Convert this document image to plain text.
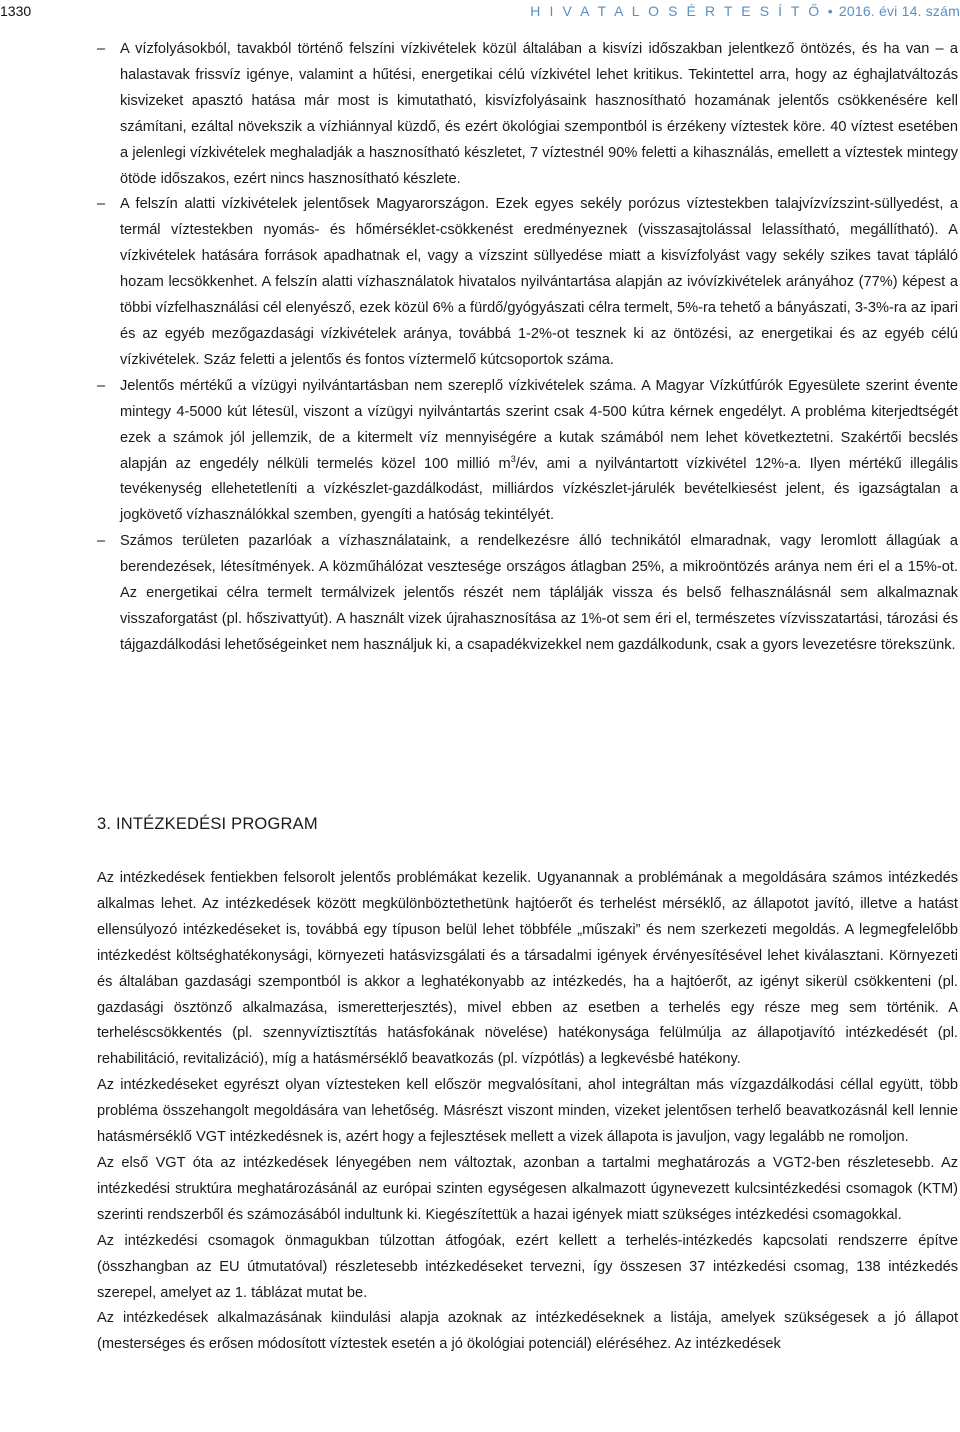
1330	H I V A T A L O S É R T E S Í T Ő • 2016. évi 14. szám
– A vízfolyásokból, tavakból történő felszíni vízkivételek közül általában a kisvízi időszakban jelentkező öntözés, és ha van – a halastavak frissvíz igénye, valamint a hűtési, energetikai célú vízkivétel lehet kritikus. Tekintettel arra, hogy az éghajlatváltozás kisvizeket apasztó hatása már most is kimutatható, kisvízfolyásaink hasznosítható hozamának jelentős csökkenésére kell számítani, ezáltal növekszik a vízhiánnyal küzdő, és ezért ökológiai szempontból is érzékeny víztestek köre. 40 víztest esetében a jelenlegi vízkivételek meghaladják a hasznosítható készletet, 7 víztestnél 90% feletti a kihasználás, emellett a víztestek mintegy ötöde időszakos, ezért nincs hasznosítható készlete.
– A felszín alatti vízkivételek jelentősek Magyarországon. Ezek egyes sekély porózus víztestekben talajvízvízszint-süllyedést, a termál víztestekben nyomás- és hőmérséklet-csökkenést eredményeznek (visszasajtolással lelassítható, megállítható). A vízkivételek hatására források apadhatnak el, vagy a vízszint süllyedése miatt a kisvízfolyást vagy sekély szikes tavat tápláló hozam lecsökkenhet. A felszín alatti vízhasználatok hivatalos nyilvántartása alapján az ivóvízkivételek arányához (77%) képest a többi vízfelhasználási cél elenyésző, ezek közül 6% a fürdő/gyógyászati célra termelt, 5%-ra tehető a bányászati, 3-3%-ra az ipari és az egyéb mezőgazdasági vízkivételek aránya, továbbá 1-2%-ot tesznek ki az öntözési, az energetikai és az egyéb célú vízkivételek. Száz feletti a jelentős és fontos víztermelő kútcsoportok száma.
– Jelentős mértékű a vízügyi nyilvántartásban nem szereplő vízkivételek száma. A Magyar Vízkútfúrók Egyesülete szerint évente mintegy 4-5000 kút létesül, viszont a vízügyi nyilvántartás szerint csak 4-500 kútra kérnek engedélyt. A probléma kiterjedtségét ezek a számok jól jellemzik, de a kitermelt víz mennyiségére a kutak számából nem lehet következtetni. Szakértői becslés alapján az engedély nélküli termelés közel 100 millió $m^3/év$, ami a nyilvántartott vízkivétel 12%-a. Ilyen mértékű illegális tevékenység ellehetetleníti a vízkészlet-gazdálkodást, milliárdos vízkészlet-járulék bevételkiesést jelent, és igazságtalan a jogkövető vízhasználókkal szemben, gyengíti a hatóság tekintélyét.
– Számos területen pazarlóak a vízhasználataink, a rendelkezésre álló technikától elmaradnak, vagy leromlott állagúak a berendezések, létesítmények. A közműhálózat vesztesége országos átlagban 25%, a mikroöntözés aránya nem éri el a 15%-ot. Az energetikai célra termelt termálvizek jelentős részét nem táplálják vissza és belső felhasználásnál sem alkalmaznak visszaforgatást (pl. hőszivattyút). A használt vizek újrahasznosítása az 1%-ot sem éri el, természetes vízvisszatartási, tározási és tájgazdálkodási lehetőségeinket nem használjuk ki, a csapadékvizekkel nem gazdálkodunk, csak a gyors levezetésre törekszünk.
3. INTÉZKEDÉSI PROGRAM

Az intézkedések fentiekben felsorolt jelentős problémákat kezelik. Ugyanannak a problémának a megoldására számos intézkedés alkalmas lehet. Az intézkedések között megkülönböztethetünk hajtóerőt és terhelést mérséklő, az állapotot javító, illetve a hatást ellensúlyozó intézkedéseket is, továbbá egy típuson belül lehet többféle „műszaki” és nem szerkezeti megoldás. A legmegfelelőbb intézkedést költséghatékonysági, környezeti hatásvizsgálati és a társadalmi igények érvényesítésével lehet kiválasztani. Környezeti és általában gazdasági szempontból is akkor a leghatékonyabb az intézkedés, ha a hajtóerőt, az igényt sikerül csökkenteni (pl. gazdasági ösztönző alkalmazása, ismeretterjesztés), mivel ebben az esetben a terhelés egy része meg sem történik. A terheléscsökkentés (pl. szennyvíztisztítás hatásfokának növelése) hatékonysága felülmúlja az állapotjavító intézkedését (pl. rehabilitáció, revitalizáció), míg a hatásmérséklő beavatkozás (pl. vízpótlás) a legkevésbé hatékony.

Az intézkedéseket egyrészt olyan víztesteken kell először megvalósítani, ahol integráltan más vízgazdálkodási céllal együtt, több probléma összehangolt megoldására van lehetőség. Másrészt viszont minden, vizeket jelentősen terhelő beavatkozásnál kell lennie hatásmérséklő VGT intézkedésnek is, azért hogy a fejlesztések mellett a vizek állapota is javuljon, vagy legalább ne romoljon.

Az első VGT óta az intézkedések lényegében nem változtak, azonban a tartalmi meghatározás a VGT2-ben részletesebb. Az intézkedési struktúra meghatározásánál az európai szinten egységesen alkalmazott úgynevezett kulcsintézkedési csomagok (KTM) szerinti rendszerből és számozásából indultunk ki. Kiegészítettük a hazai igények miatt szükséges intézkedési csomagokkal.

Az intézkedési csomagok önmagukban túlzottan átfogóak, ezért kellett a terhelés-intézkedés kapcsolati rendszerre építve (összhangban az EU útmutatóval) részletesebb intézkedéseket tervezni, így összesen 37 intézkedési csomag, 138 intézkedés szerepel, amelyet az 1. táblázat mutat be.

Az intézkedések alkalmazásának kiindulási alapja azoknak az intézkedéseknek a listája, amelyek szükségesek a jó állapot (mesterséges és erősen módosított víztestek esetén a jó ökológiai potenciál) eléréséhez. Az intézkedések
